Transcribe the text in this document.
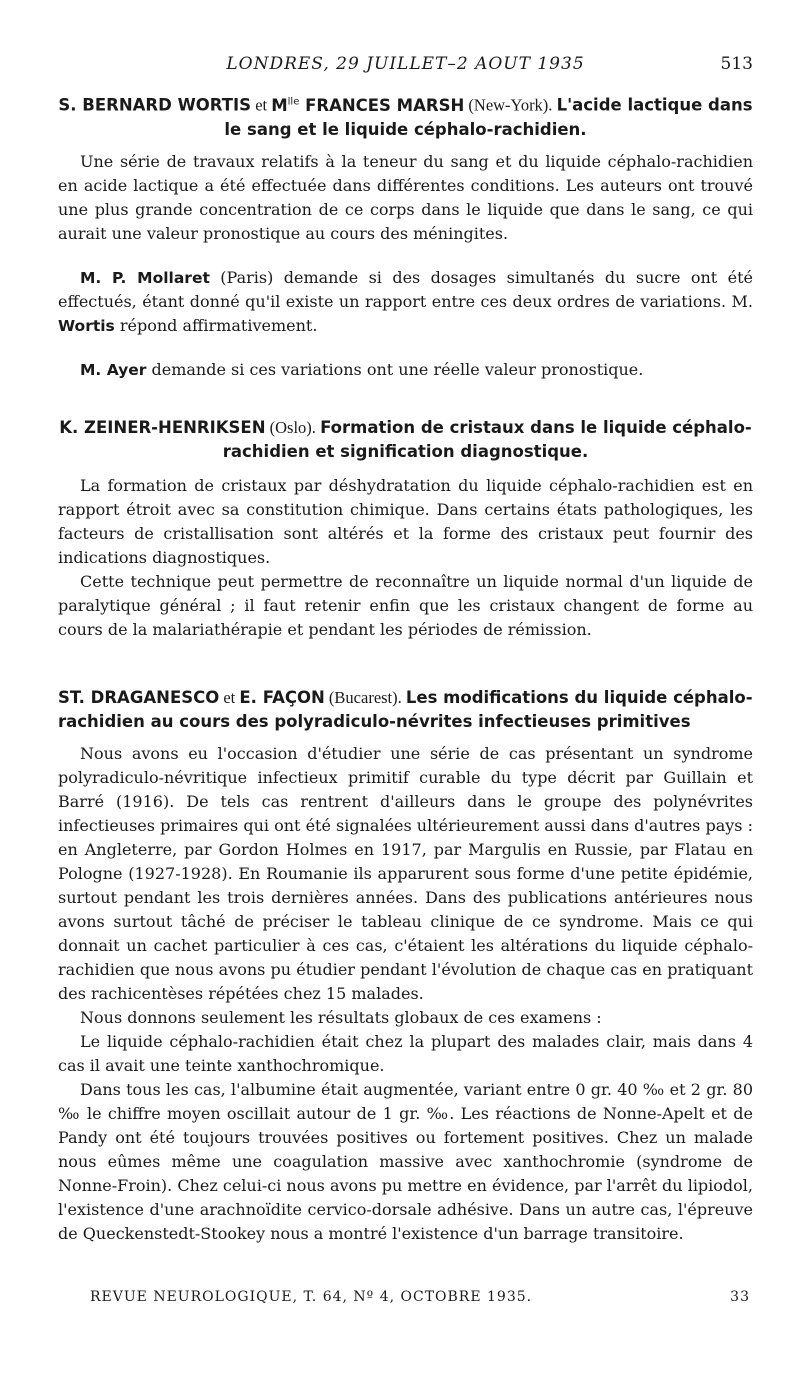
LONDRES, 29 JUILLET–2 AOUT 1935	513
S. BERNARD WORTIS et $M^{lle}$ FRANCES MARSH (New-York). L'acide lactique dans le sang et le liquide céphalo-rachidien.

Une série de travaux relatifs à la teneur du sang et du liquide céphalo-rachidien en acide lactique a été effectuée dans différentes conditions. Les auteurs ont trouvé une plus grande concentration de ce corps dans le liquide que dans le sang, ce qui aurait une valeur pronostique au cours des méningites.

M. P. Mollaret (Paris) demande si des dosages simultanés du sucre ont été effectués, étant donné qu'il existe un rapport entre ces deux ordres de variations. M. Wortis répond affirmativement.

M. Ayer demande si ces variations ont une réelle valeur pronostique.

K. ZEINER-HENRIKSEN (Oslo). Formation de cristaux dans le liquide céphalo-rachidien et signification diagnostique.

La formation de cristaux par déshydratation du liquide céphalo-rachidien est en rapport étroit avec sa constitution chimique. Dans certains états pathologiques, les facteurs de cristallisation sont altérés et la forme des cristaux peut fournir des indications diagnostiques.

Cette technique peut permettre de reconnaître un liquide normal d'un liquide de paralytique général ; il faut retenir enfin que les cristaux changent de forme au cours de la malariathérapie et pendant les périodes de rémission.

ST. DRAGANESCO et E. FAÇON (Bucarest). Les modifications du liquide céphalo-rachidien au cours des polyradiculo-névrites infectieuses primitives

Nous avons eu l'occasion d'étudier une série de cas présentant un syndrome polyradiculo-névritique infectieux primitif curable du type décrit par Guillain et Barré (1916). De tels cas rentrent d'ailleurs dans le groupe des polynévrites infectieuses primaires qui ont été signalées ultérieurement aussi dans d'autres pays : en Angleterre, par Gordon Holmes en 1917, par Margulis en Russie, par Flatau en Pologne (1927-1928). En Roumanie ils apparurent sous forme d'une petite épidémie, surtout pendant les trois dernières années. Dans des publications antérieures nous avons surtout tâché de préciser le tableau clinique de ce syndrome. Mais ce qui donnait un cachet particulier à ces cas, c'étaient les altérations du liquide céphalo-rachidien que nous avons pu étudier pendant l'évolution de chaque cas en pratiquant des rachicentèses répétées chez 15 malades.

Nous donnons seulement les résultats globaux de ces examens :

Le liquide céphalo-rachidien était chez la plupart des malades clair, mais dans 4 cas il avait une teinte xanthochromique.

Dans tous les cas, l'albumine était augmentée, variant entre 0 gr. 40 ‰ et 2 gr. 80 ‰ le chiffre moyen oscillait autour de 1 gr. ‰. Les réactions de Nonne-Apelt et de Pandy ont été toujours trouvées positives ou fortement positives. Chez un malade nous eûmes même une coagulation massive avec xanthochromie (syndrome de Nonne-Froin). Chez celui-ci nous avons pu mettre en évidence, par l'arrêt du lipiodol, l'existence d'une arachnoïdite cervico-dorsale adhésive. Dans un autre cas, l'épreuve de Queckenstedt-Stookey nous a montré l'existence d'un barrage transitoire.

REVUE NEUROLOGIQUE, T. 64, Nº 4, OCTOBRE 1935.	33
